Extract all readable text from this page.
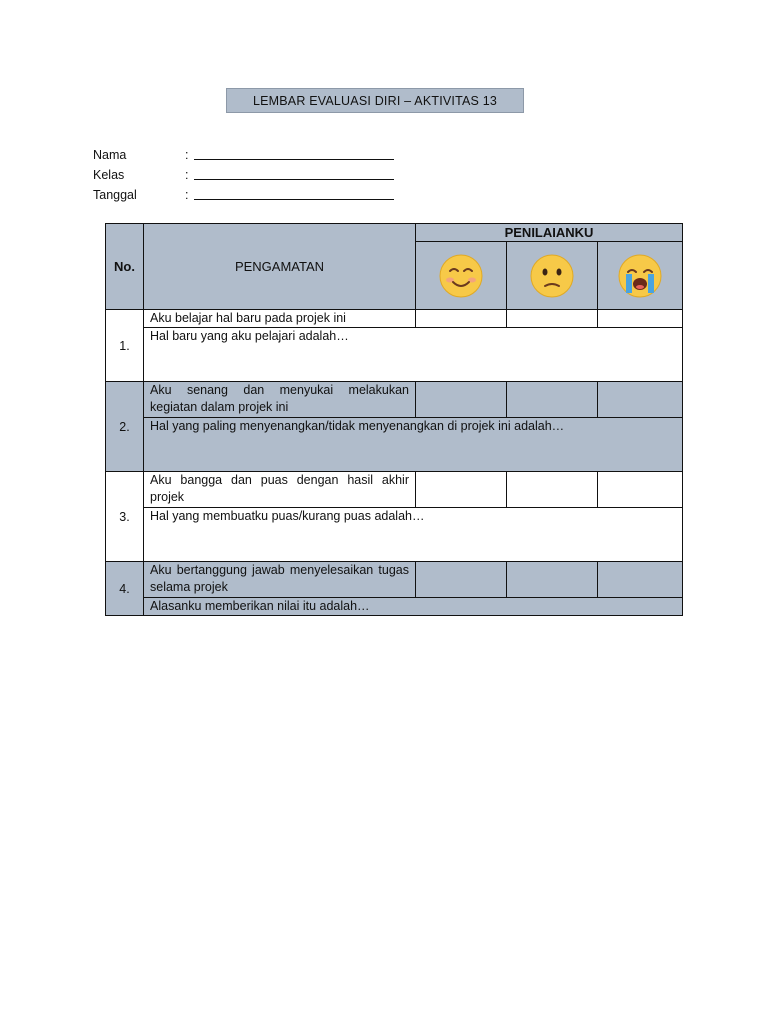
LEMBAR EVALUASI DIRI – AKTIVITAS 13
Nama	:
Kelas	:
Tanggal	:
No.	PENGAMATAN	PENILAIANKU		

1.	Aku belajar hal baru pada projek ini			
	Hal baru yang aku pelajari adalah…			
2.	Aku senang dan menyukai melakukan kegiatan dalam projek ini			
	Hal yang paling menyenangkan/tidak menyenangkan di projek ini adalah…			
3.	Aku bangga dan puas dengan hasil akhir projek			
	Hal yang membuatku puas/kurang puas adalah…			
4.	Aku bertanggung jawab menyelesaikan tugas selama projek			
	Alasanku memberikan nilai itu adalah…			
